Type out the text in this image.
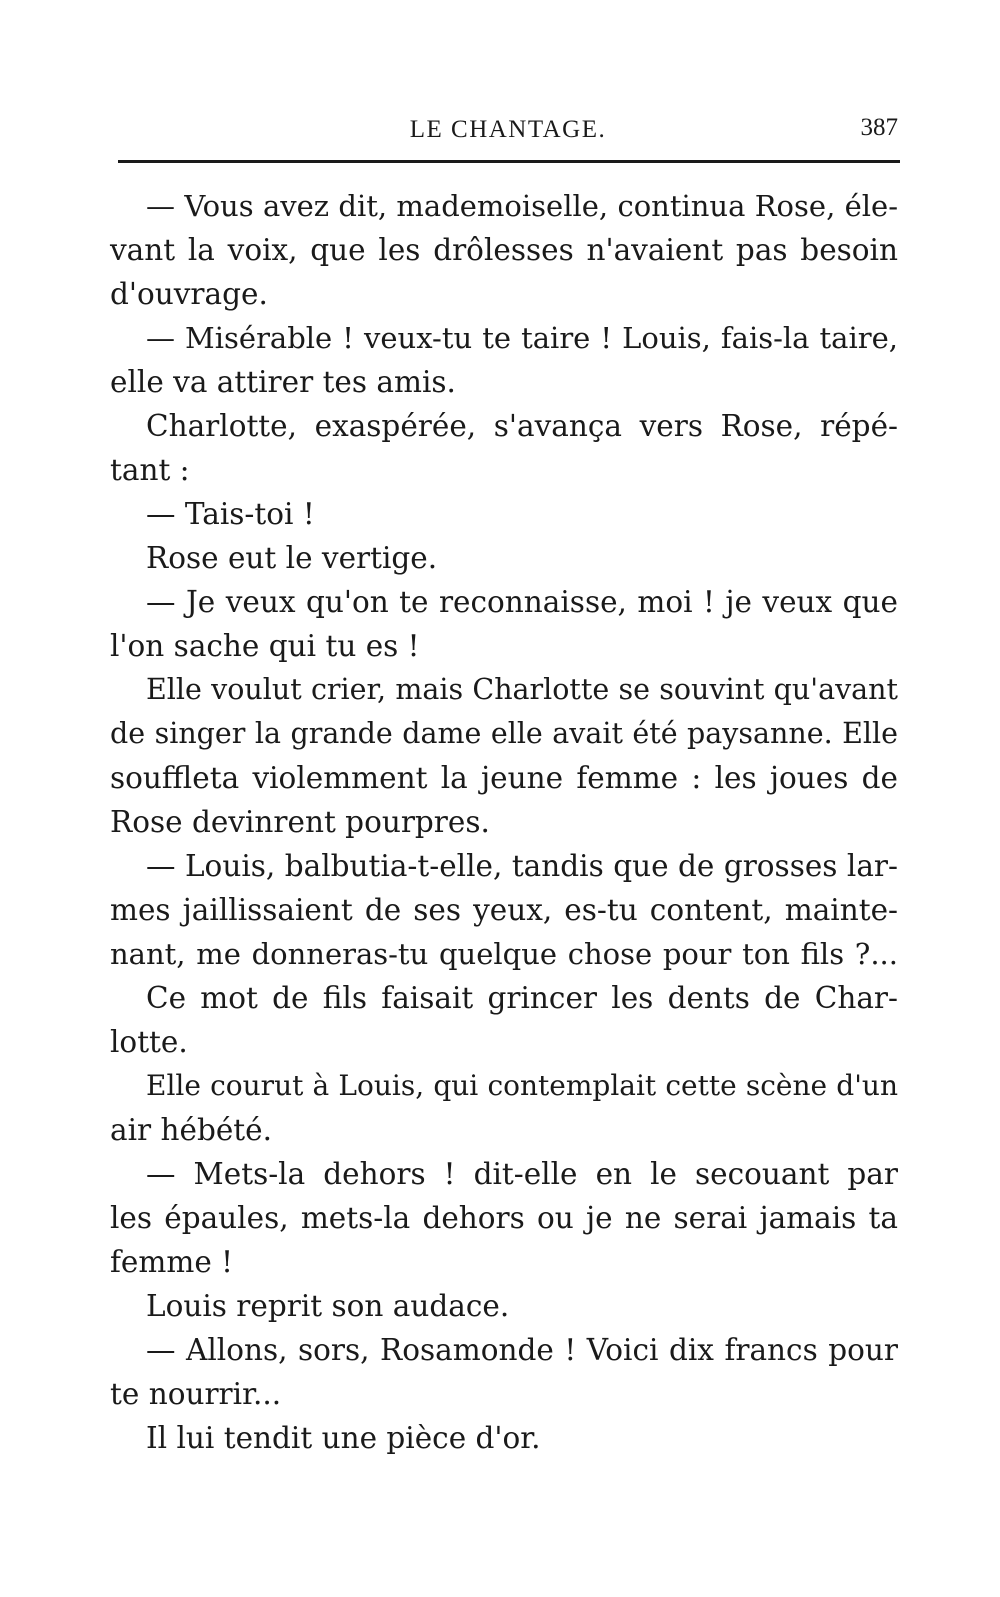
LE CHANTAGE.	387
— Vous avez dit, mademoiselle, continua Rose, éle-
vant la voix, que les drôlesses n'avaient pas besoin
d'ouvrage.
— Misérable ! veux-tu te taire ! Louis, fais-la taire,
elle va attirer tes amis.
Charlotte, exaspérée, s'avança vers Rose, répé-
tant :
— Tais-toi !
Rose eut le vertige.
— Je veux qu'on te reconnaisse, moi ! je veux que
l'on sache qui tu es !
Elle voulut crier, mais Charlotte se souvint qu'avant
de singer la grande dame elle avait été paysanne. Elle
souffleta violemment la jeune femme : les joues de
Rose devinrent pourpres.
— Louis, balbutia-t-elle, tandis que de grosses lar-
mes jaillissaient de ses yeux, es-tu content, mainte-
nant, me donneras-tu quelque chose pour ton fils ?...
Ce mot de fils faisait grincer les dents de Char-
lotte.
Elle courut à Louis, qui contemplait cette scène d'un
air hébété.
— Mets-la dehors ! dit-elle en le secouant par
les épaules, mets-la dehors ou je ne serai jamais ta
femme !
Louis reprit son audace.
— Allons, sors, Rosamonde ! Voici dix francs pour
te nourrir...
Il lui tendit une pièce d'or.
